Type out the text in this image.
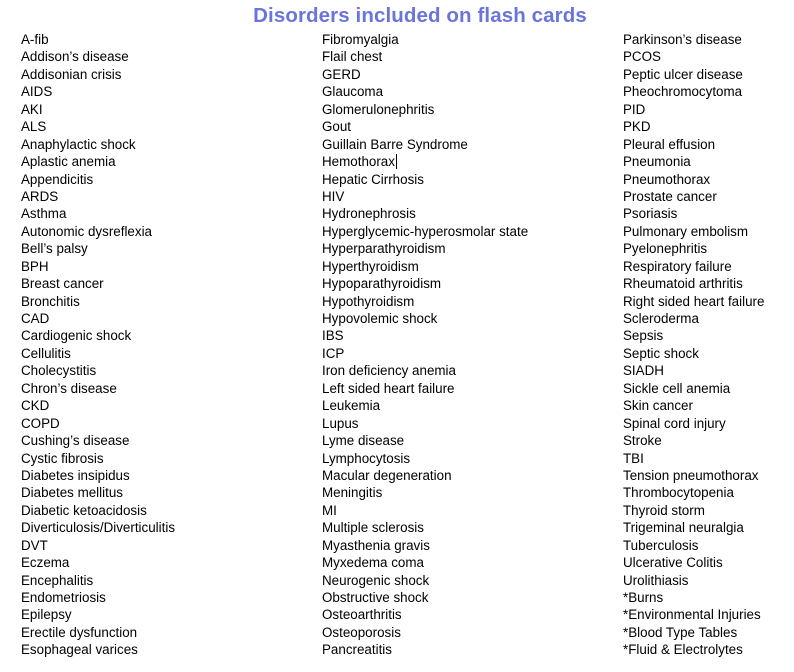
Disorders included on flash cards
A-fib
Addison’s disease
Addisonian crisis
AIDS
AKI
ALS
Anaphylactic shock
Aplastic anemia
Appendicitis
ARDS
Asthma
Autonomic dysreflexia
Bell’s palsy
BPH
Breast cancer
Bronchitis
CAD
Cardiogenic shock
Cellulitis
Cholecystitis
Chron’s disease
CKD
COPD
Cushing’s disease
Cystic fibrosis
Diabetes insipidus
Diabetes mellitus
Diabetic ketoacidosis
Diverticulosis/Diverticulitis
DVT
Eczema
Encephalitis
Endometriosis
Epilepsy
Erectile dysfunction
Esophageal varices
Fibromyalgia
Flail chest
GERD
Glaucoma
Glomerulonephritis
Gout
Guillain Barre Syndrome
Hemothorax
Hepatic Cirrhosis
HIV
Hydronephrosis
Hyperglycemic-hyperosmolar state
Hyperparathyroidism
Hyperthyroidism
Hypoparathyroidism
Hypothyroidism
Hypovolemic shock
IBS
ICP
Iron deficiency anemia
Left sided heart failure
Leukemia
Lupus
Lyme disease
Lymphocytosis
Macular degeneration
Meningitis
MI
Multiple sclerosis
Myasthenia gravis
Myxedema coma
Neurogenic shock
Obstructive shock
Osteoarthritis
Osteoporosis
Pancreatitis
Parkinson’s disease
PCOS
Peptic ulcer disease
Pheochromocytoma
PID
PKD
Pleural effusion
Pneumonia
Pneumothorax
Prostate cancer
Psoriasis
Pulmonary embolism
Pyelonephritis
Respiratory failure
Rheumatoid arthritis
Right sided heart failure
Scleroderma
Sepsis
Septic shock
SIADH
Sickle cell anemia
Skin cancer
Spinal cord injury
Stroke
TBI
Tension pneumothorax
Thrombocytopenia
Thyroid storm
Trigeminal neuralgia
Tuberculosis
Ulcerative Colitis
Urolithiasis
*Burns
*Environmental Injuries
*Blood Type Tables
*Fluid & Electrolytes
